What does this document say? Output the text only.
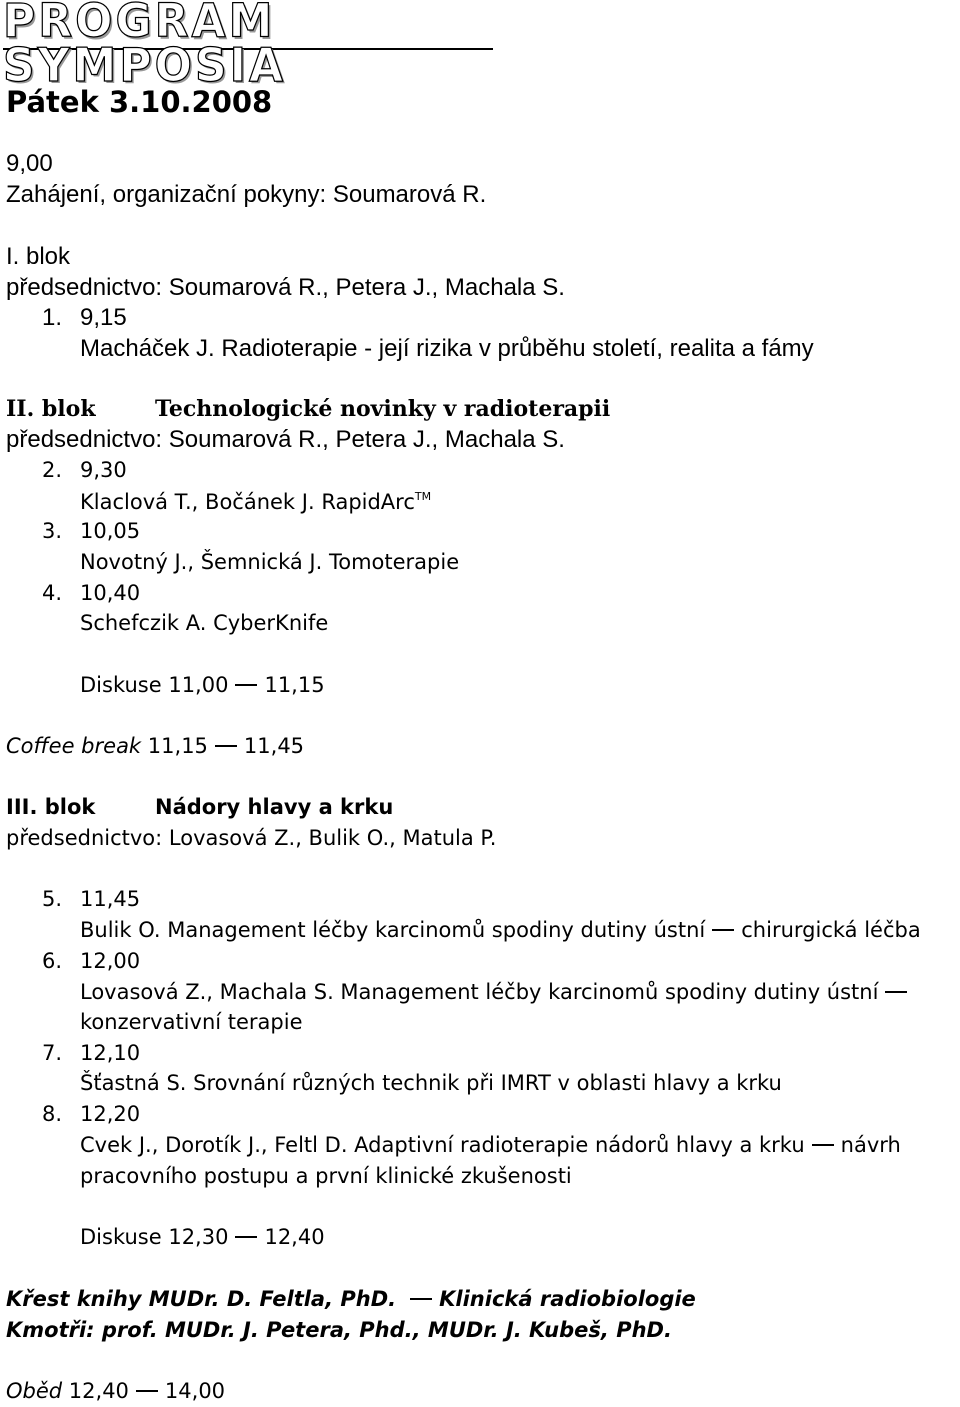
PROGRAM SYMPOSIA
Pátek 3.10.2008
9,00
Zahájení, organizační pokyny: Soumarová R.
I. blok
předsednictvo: Soumarová R., Petera J., Machala S.
1. 9,15
Macháček J. Radioterapie - její rizika v průběhu století, realita a fámy
II. blok	Technologické novinky v radioterapii
předsednictvo: Soumarová R., Petera J., Machala S.
2. 9,30
Klaclová T., Bočánek J. RapidArc™
3. 10,05
Novotný J., Šemnická J. Tomoterapie
4. 10,40
Schefczik A. CyberKnife
Diskuse 11,00 11,15
Coffee break 11,15 11,45
III. blok	Nádory hlavy a krku
předsednictvo: Lovasová Z., Bulik O., Matula P.
5. 11,45
Bulik O. Management léčby karcinomů spodiny dutiny ústní chirurgická léčba
6. 12,00
Lovasová Z., Machala S. Management léčby karcinomů spodiny dutiny ústní
konzervativní terapie
7. 12,10
Šťastná S. Srovnání různých technik při IMRT v oblasti hlavy a krku
8. 12,20
Cvek J., Dorotík J., Feltl D. Adaptivní radioterapie nádorů hlavy a krku návrh
pracovního postupu a první klinické zkušenosti
Diskuse 12,30 12,40
Křest knihy MUDr. D. Feltla, PhD. Klinická radiobiologie
Kmotři: prof. MUDr. J. Petera, Phd., MUDr. J. Kubeš, PhD.
Oběd 12,40 14,00
